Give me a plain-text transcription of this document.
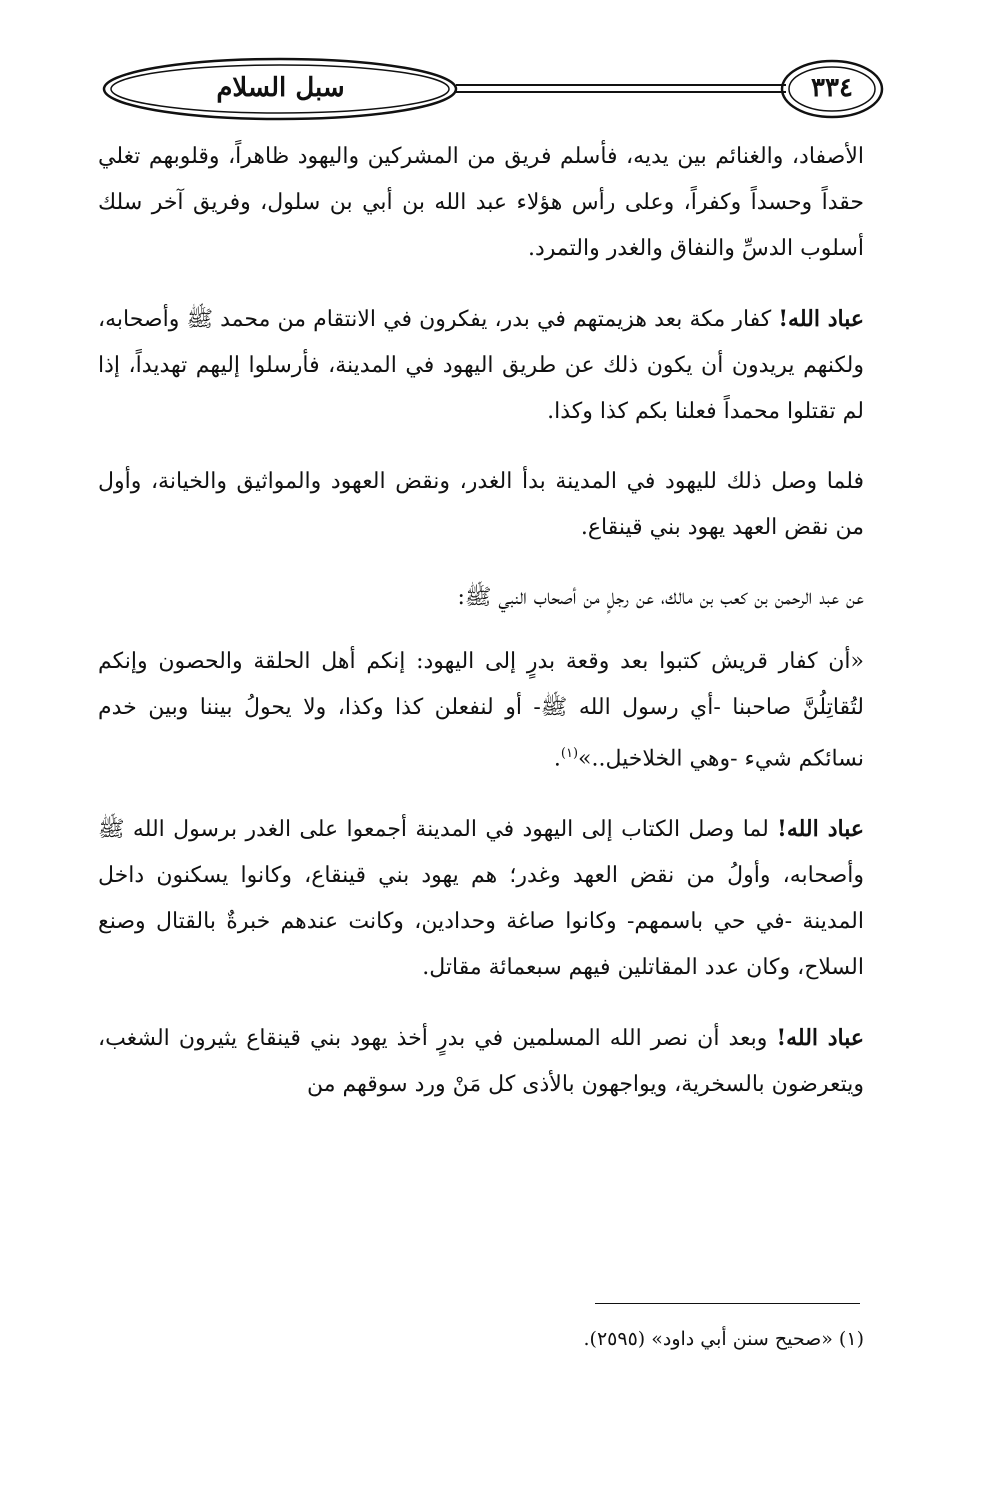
سبل السلام	٣٣٤

الأصفاد، والغنائم بين يديه، فأسلم فريق من المشركين واليهود ظاهراً، وقلوبهم تغلي حقداً وحسداً وكفراً، وعلى رأس هؤلاء عبد الله بن أبي بن سلول، وفريق آخر سلك أسلوب الدسِّ والنفاق والغدر والتمرد.

عباد الله! كفار مكة بعد هزيمتهم في بدر، يفكرون في الانتقام من محمد ﷺ وأصحابه، ولكنهم يريدون أن يكون ذلك عن طريق اليهود في المدينة، فأرسلوا إليهم تهديداً، إذا لم تقتلوا محمداً فعلنا بكم كذا وكذا.

فلما وصل ذلك لليهود في المدينة بدأ الغدر، ونقض العهود والمواثيق والخيانة، وأول من نقض العهد يهود بني قينقاع.

عن عبد الرحمن بن كعب بن مالك، عن رجلٍ من أصحاب النبي ﷺ:

«أن كفار قريش كتبوا بعد وقعة بدرٍ إلى اليهود: إنكم أهل الحلقة والحصون وإنكم لتُقاتِلُنَّ صاحبنا -أي رسول الله ﷺ- أو لنفعلن كذا وكذا، ولا يحولُ بيننا وبين خدم نسائكم شيء -وهي الخلاخيل..»$^{(١)}$.

عباد الله! لما وصل الكتاب إلى اليهود في المدينة أجمعوا على الغدر برسول الله ﷺ وأصحابه، وأولُ من نقض العهد وغدر؛ هم يهود بني قينقاع، وكانوا يسكنون داخل المدينة -في حي باسمهم- وكانوا صاغة وحدادين، وكانت عندهم خبرةٌ بالقتال وصنع السلاح، وكان عدد المقاتلين فيهم سبعمائة مقاتل.

عباد الله! وبعد أن نصر الله المسلمين في بدرٍ أخذ يهود بني قينقاع يثيرون الشغب، ويتعرضون بالسخرية، ويواجهون بالأذى كل مَنْ ورد سوقهم من

(١) «صحيح سنن أبي داود» (٢٥٩٥).
